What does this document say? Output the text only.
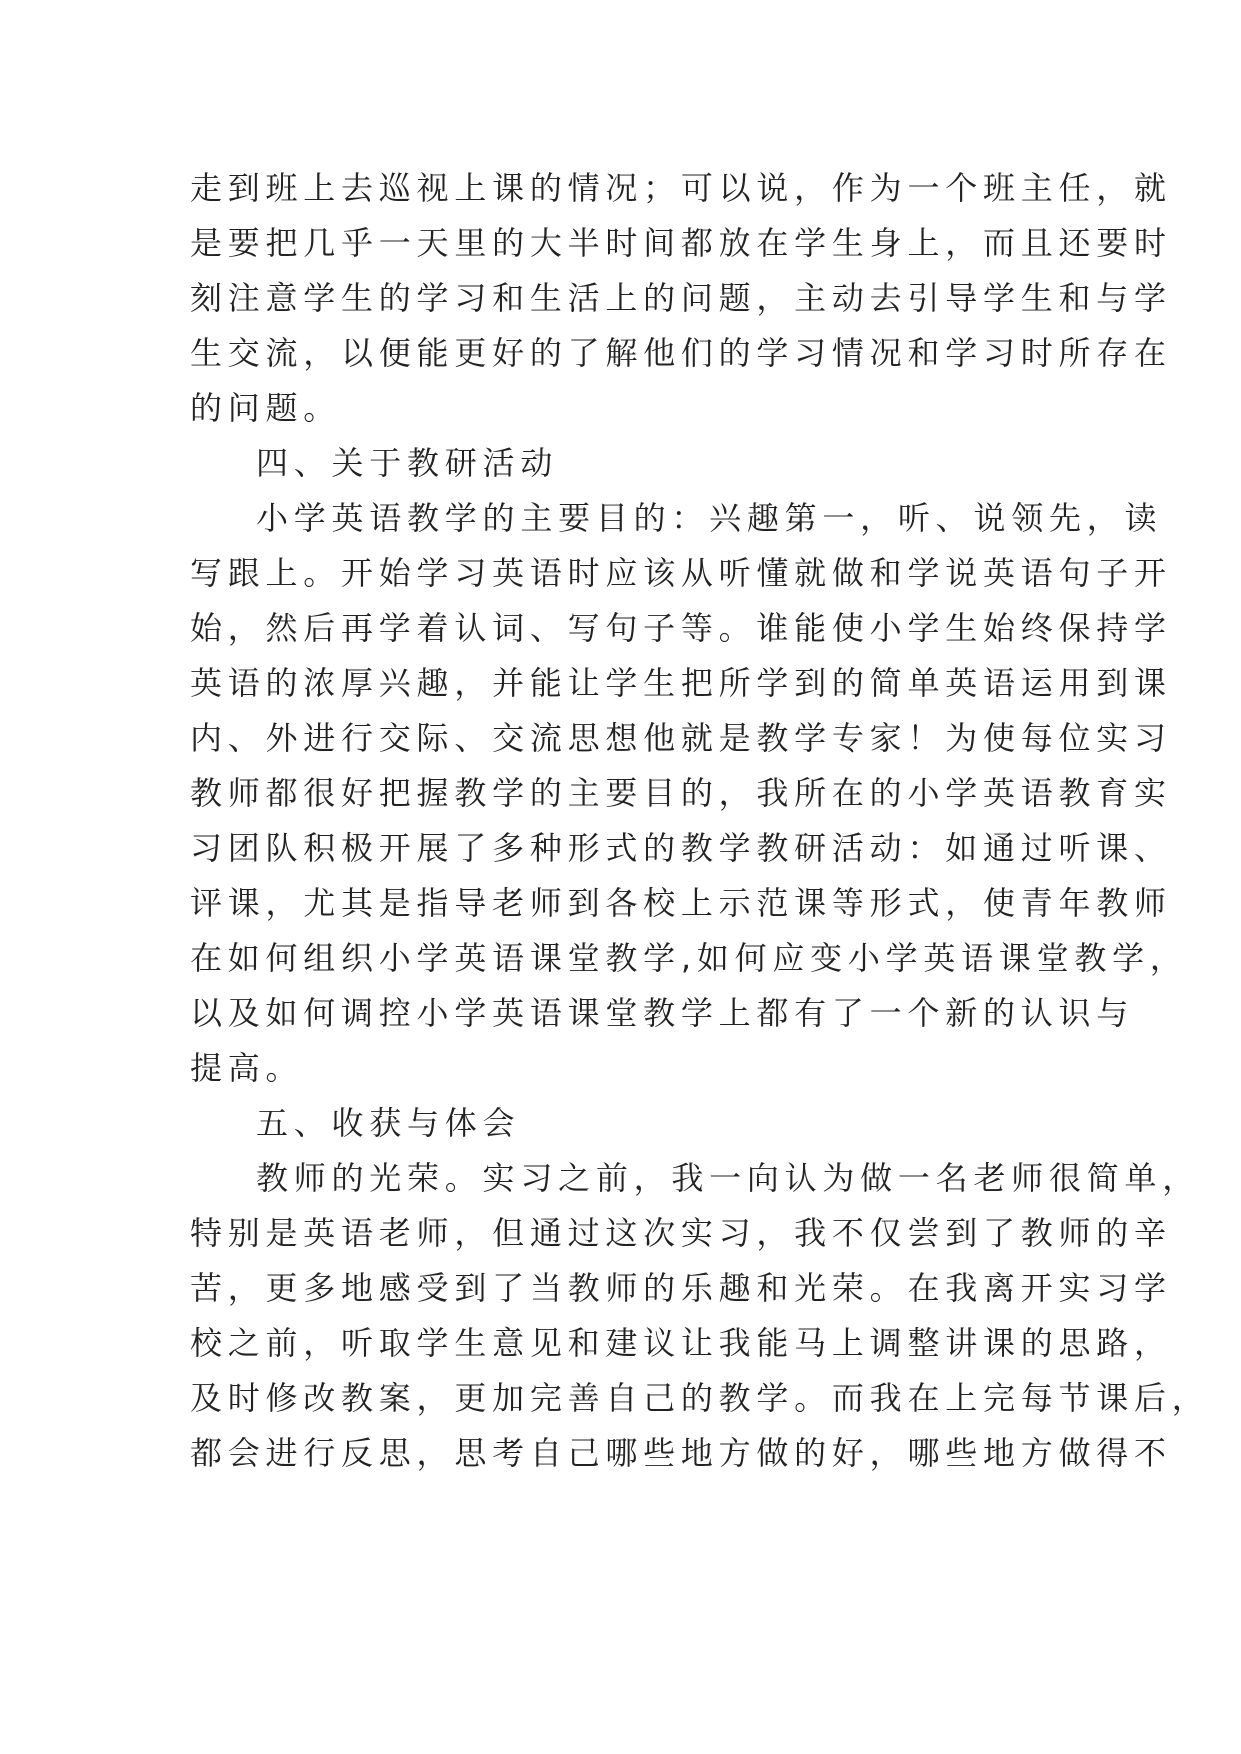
走到班上去巡视上课的情况；可以说，作为一个班主任，就
是要把几乎一天里的大半时间都放在学生身上，而且还要时
刻注意学生的学习和生活上的问题，主动去引导学生和与学
生交流，以便能更好的了解他们的学习情况和学习时所存在
的问题。
四、关于教研活动
小学英语教学的主要目的：兴趣第一，听、说领先，读
写跟上。开始学习英语时应该从听懂就做和学说英语句子开
始，然后再学着认词、写句子等。谁能使小学生始终保持学
英语的浓厚兴趣，并能让学生把所学到的简单英语运用到课
内、外进行交际、交流思想他就是教学专家！为使每位实习
教师都很好把握教学的主要目的，我所在的小学英语教育实
习团队积极开展了多种形式的教学教研活动：如通过听课、
评课，尤其是指导老师到各校上示范课等形式，使青年教师
在如何组织小学英语课堂教学,如何应变小学英语课堂教学，
以及如何调控小学英语课堂教学上都有了一个新的认识与
提高。
五、收获与体会
教师的光荣。实习之前，我一向认为做一名老师很简单，
特别是英语老师，但通过这次实习，我不仅尝到了教师的辛
苦，更多地感受到了当教师的乐趣和光荣。在我离开实习学
校之前，听取学生意见和建议让我能马上调整讲课的思路，
及时修改教案，更加完善自己的教学。而我在上完每节课后，
都会进行反思，思考自己哪些地方做的好，哪些地方做得不
